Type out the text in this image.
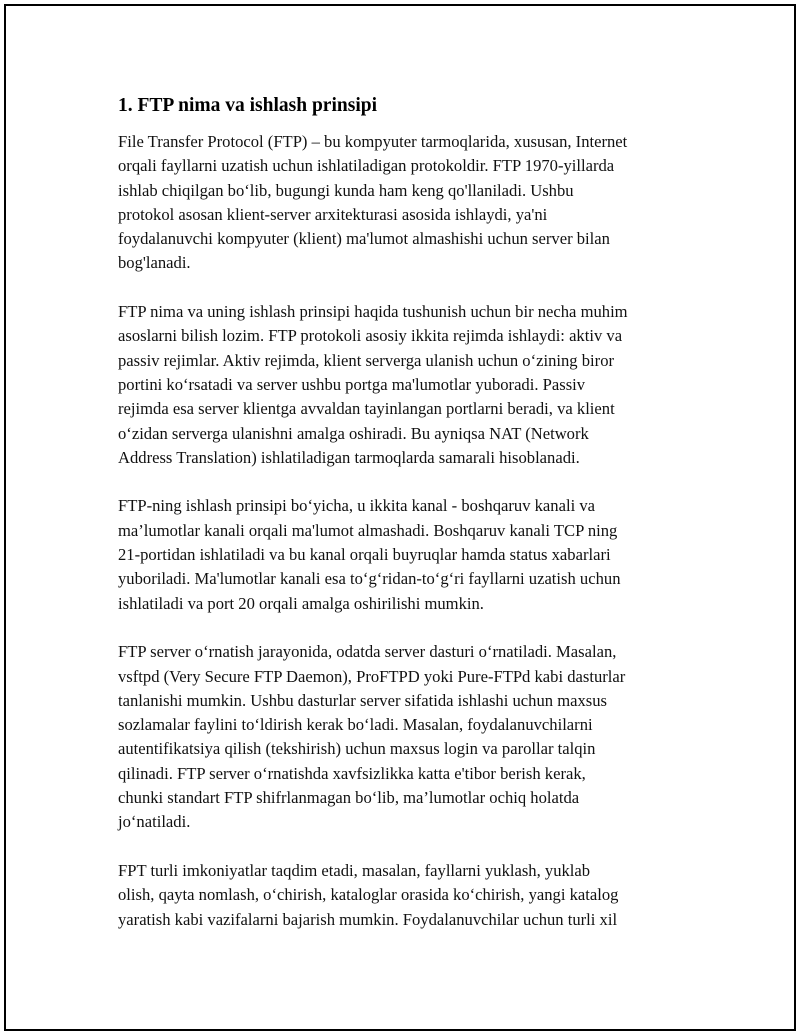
1. FTP nima va ishlash prinsipi
File Transfer Protocol (FTP) – bu kompyuter tarmoqlarida, xususan, Internet
orqali fayllarni uzatish uchun ishlatiladigan protokoldir. FTP 1970-yillarda
ishlab chiqilgan bo‘lib, bugungi kunda ham keng qo'llaniladi. Ushbu
protokol asosan klient-server arxitekturasi asosida ishlaydi, ya'ni
foydalanuvchi kompyuter (klient) ma'lumot almashishi uchun server bilan
bog'lanadi.
FTP nima va uning ishlash prinsipi haqida tushunish uchun bir necha muhim
asoslarni bilish lozim. FTP protokoli asosiy ikkita rejimda ishlaydi: aktiv va
passiv rejimlar. Aktiv rejimda, klient serverga ulanish uchun o‘zining biror
portini ko‘rsatadi va server ushbu portga ma'lumotlar yuboradi. Passiv
rejimda esa server klientga avvaldan tayinlangan portlarni beradi, va klient
o‘zidan serverga ulanishni amalga oshiradi. Bu ayniqsa NAT (Network
Address Translation) ishlatiladigan tarmoqlarda samarali hisoblanadi.
FTP-ning ishlash prinsipi bo‘yicha, u ikkita kanal - boshqaruv kanali va
ma’lumotlar kanali orqali ma'lumot almashadi. Boshqaruv kanali TCP ning
21-portidan ishlatiladi va bu kanal orqali buyruqlar hamda status xabarlari
yuboriladi. Ma'lumotlar kanali esa to‘g‘ridan-to‘g‘ri fayllarni uzatish uchun
ishlatiladi va port 20 orqali amalga oshirilishi mumkin.
FTP server o‘rnatish jarayonida, odatda server dasturi o‘rnatiladi. Masalan,
vsftpd (Very Secure FTP Daemon), ProFTPD yoki Pure-FTPd kabi dasturlar
tanlanishi mumkin. Ushbu dasturlar server sifatida ishlashi uchun maxsus
sozlamalar faylini to‘ldirish kerak bo‘ladi. Masalan, foydalanuvchilarni
autentifikatsiya qilish (tekshirish) uchun maxsus login va parollar talqin
qilinadi. FTP server o‘rnatishda xavfsizlikka katta e'tibor berish kerak,
chunki standart FTP shifrlanmagan bo‘lib, ma’lumotlar ochiq holatda
jo‘natiladi.
FPT turli imkoniyatlar taqdim etadi, masalan, fayllarni yuklash, yuklab
olish, qayta nomlash, o‘chirish, kataloglar orasida ko‘chirish, yangi katalog
yaratish kabi vazifalarni bajarish mumkin. Foydalanuvchilar uchun turli xil
